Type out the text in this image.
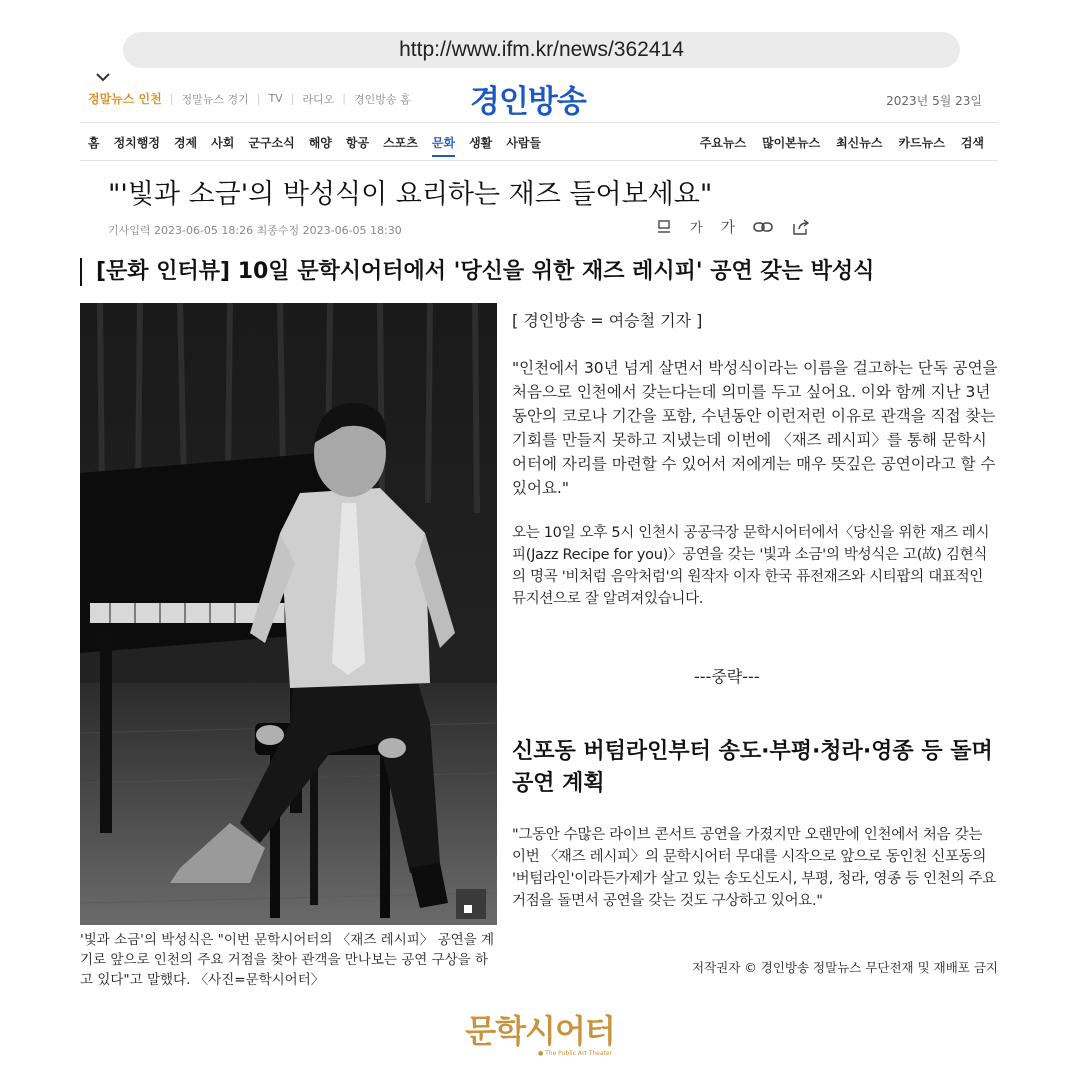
http://www.ifm.kr/news/362414
정말뉴스 인천 | 정말뉴스 경기 | TV | 라디오 | 경인방송 홈 경인방송	2023년 5월 23일
홈 정치행정 경제 사회 군구소식 해양 항공 스포츠 문화 생활 사람들	주요뉴스 많이본뉴스 최신뉴스 카드뉴스 검색
"'빛과 소금'의 박성식이 요리하는 재즈 들어보세요"
기사입력 2023-06-05 18:26 최종수정 2023-06-05 18:30	가 가
[문화 인터뷰] 10일 문학시어터에서 '당신을 위한 재즈 레시피' 공연 갖는 박성식
'빛과 소금'의 박성식은 "이번 문학시어터의 〈재즈 레시피〉 공연을 계기로 앞으로 인천의 주요 거점을 찾아 관객을 만나보는 공연 구상을 하고 있다"고 말했다. 〈사진=문학시어터〉

[ 경인방송 = 여승철 기자 ]

"인천에서 30년 넘게 살면서 박성식이라는 이름을 걸고하는 단독 공연을 처음으로 인천에서 갖는다는데 의미를 두고 싶어요. 이와 함께 지난 3년 동안의 코로나 기간을 포함, 수년동안 이런저런 이유로 관객을 직접 찾는 기회를 만들지 못하고 지냈는데 이번에 〈재즈 레시피〉를 통해 문학시어터에 자리를 마련할 수 있어서 저에게는 매우 뜻깊은 공연이라고 할 수 있어요."

오는 10일 오후 5시 인천시 공공극장 문학시어터에서〈당신을 위한 재즈 레시피(Jazz Recipe for you)〉공연을 갖는 '빛과 소금'의 박성식은 고(故) 김현식의 명곡 '비처럼 음악처럼'의 원작자 이자 한국 퓨전재즈와 시티팝의 대표적인 뮤지션으로 잘 알려져있습니다.

---중략---

신포동 버텀라인부터 송도·부평·청라·영종 등 돌며 공연 계획

"그동안 수많은 라이브 콘서트 공연을 가졌지만 오랜만에 인천에서 처음 갖는 이번 〈재즈 레시피〉의 문학시어터 무대를 시작으로 앞으로 동인천 신포동의 '버텀라인'이라든가제가 살고 있는 송도신도시, 부평, 청라, 영종 등 인천의 주요 거점을 돌면서 공연을 갖는 것도 구상하고 있어요."

저작권자 © 경인방송 정말뉴스 무단전재 및 재배포 금지
문학시어터
● The Public Art Theater
